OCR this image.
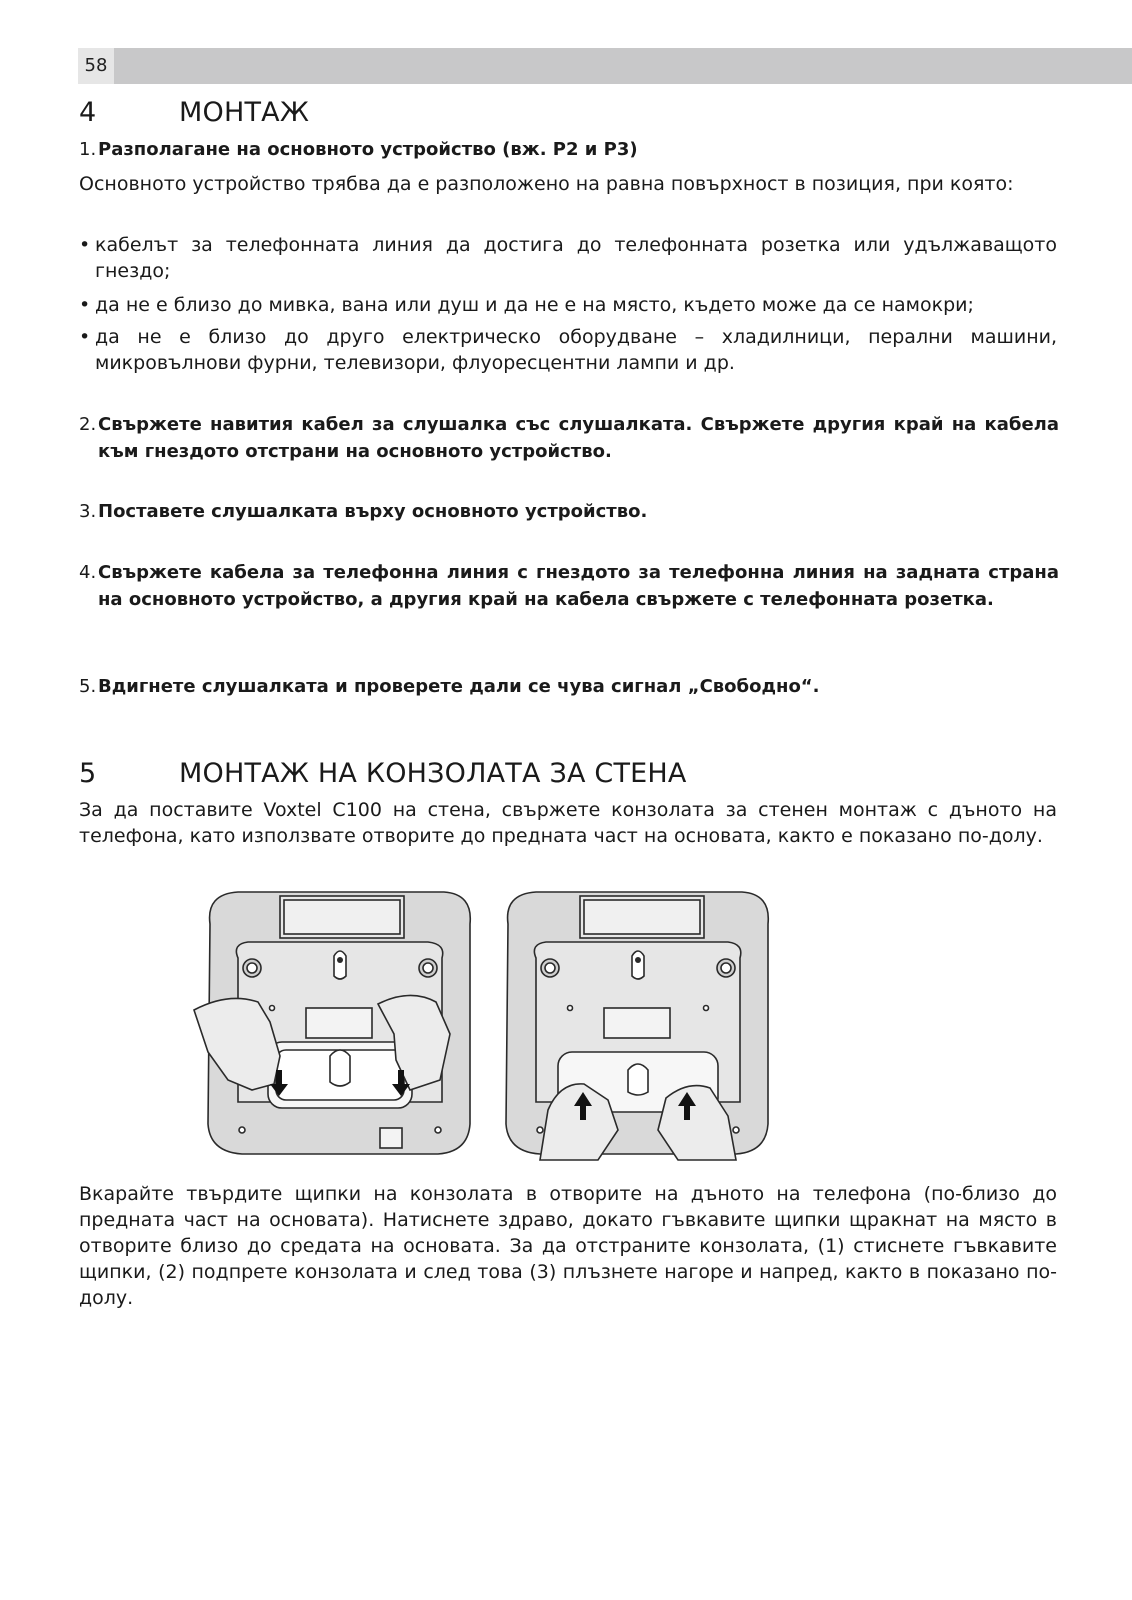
58
4	МОНТАЖ
1. Разполагане на основното устройство (вж. P2 и P3)
Основното устройство трябва да е разположено на равна повърхност в позиция, при която:
• кабелът за телефонната линия да достига до телефонната розетка или удължаващото гнездо;
• да не е близо до мивка, вана или душ и да не е на място, където може да се намокри;
• да не е близо до друго електрическо оборудване – хладилници, перални машини, микровълнови фурни, телевизори, флуоресцентни лампи и др.
2. Свържете навития кабел за слушалка със слушалката. Свържете другия край на кабела към гнездото отстрани на основното устройство.
3. Поставете слушалката върху основното устройство.
4. Свържете кабела за телефонна линия с гнездото за телефонна линия на задната страна на основното устройство, а другия край на кабела свържете с телефонната розетка.
5. Вдигнете слушалката и проверете дали се чува сигнал „Свободно“.
5	МОНТАЖ НА КОНЗОЛАТА ЗА СТЕНА
За да поставите Voxtel C100 на стена, свържете конзолата за стенен монтаж с дъното на телефона, като използвате отворите до предната част на основата, както е показано по-долу.
Вкарайте твърдите щипки на конзолата в отворите на дъното на телефона (по-близо до предната част на основата). Натиснете здраво, докато гъвкавите щипки щракнат на място в отворите близо до средата на основата. За да отстраните конзолата, (1) стиснете гъвкавите щипки, (2) подпрете конзолата и след това (3) плъзнете нагоре и напред, както в показано по-долу.
